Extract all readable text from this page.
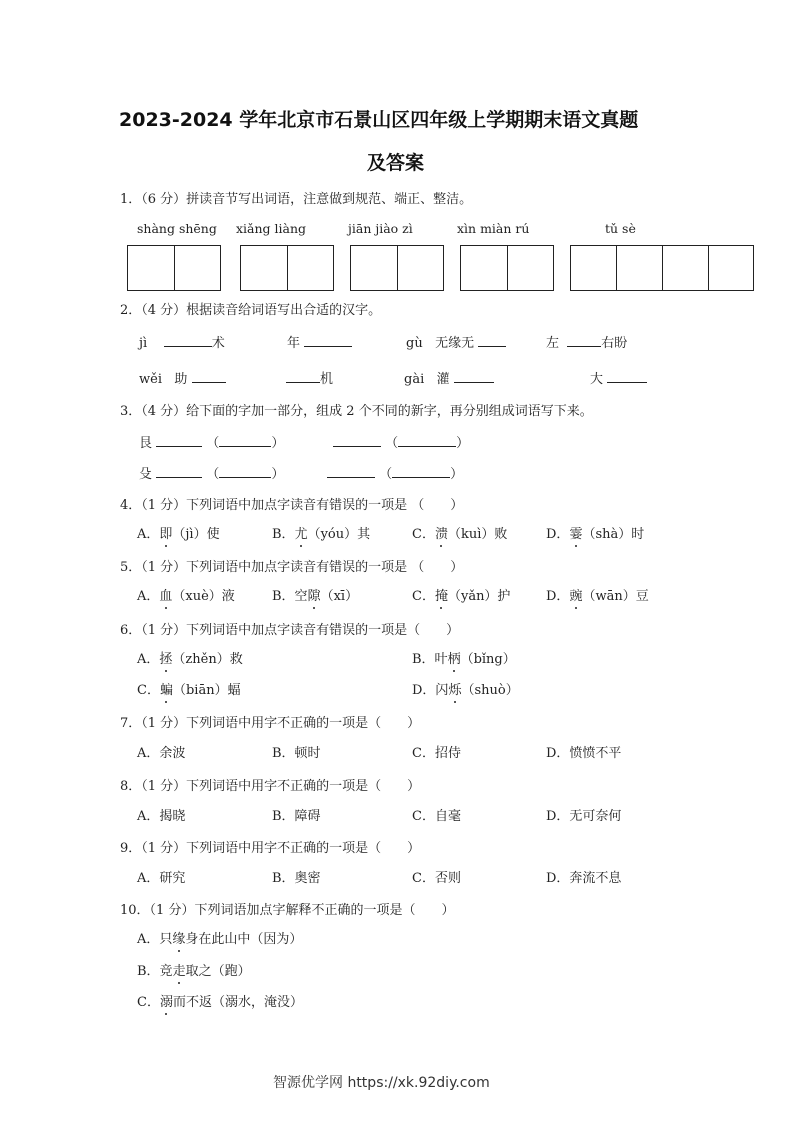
2023-2024 学年北京市石景山区四年级上学期期末语文真题
及答案
1．（6 分）拼读音节写出词语，注意做到规范、端正、整洁。
shàng shēng xiǎng liàng	jiān jiào zì	xìn miàn rú	tǔ sè
2．（4 分）根据读音给词语写出合适的汉字。
jì	术	年	gù 无缘无	左	右盼
wěi 助	机	gài 灌	大
3．（4 分）给下面的字加一部分，组成 2 个不同的新字，再分别组成词语写下来。
艮	（	）	（	）
殳	（	）	（	）
4．（1 分）下列词语中加点字读音有错误的一项是 （　　）
A．即（jì）使	B．尤（yóu）其	C．溃（kuì）败	D．霎（shà）时
5．（1 分）下列词语中加点字读音有错误的一项是 （　　）
A．血（xuè）液	B．空隙（xī）	C．掩（yǎn）护	D．豌（wān）豆
6．（1 分）下列词语中加点字读音有错误的一项是（　　）
A．拯（zhěn）救	B．叶柄（bǐng）
C．蝙（biān）蝠	D．闪烁（shuò）
7．（1 分）下列词语中用字不正确的一项是（　　）
A．余波	B．顿时	C．招侍	D．愤愤不平
8．（1 分）下列词语中用字不正确的一项是（　　）
A．揭晓	B．障碍	C．自毫	D．无可奈何
9．（1 分）下列词语中用字不正确的一项是（　　）
A．研究	B．奥密	C．否则	D．奔流不息
10．（1 分）下列词语加点字解释不正确的一项是（　　）
A．只缘身在此山中（因为）
B．竞走取之（跑）
C．溺而不返（溺水，淹没）
智源优学网 https://xk.92diy.com
